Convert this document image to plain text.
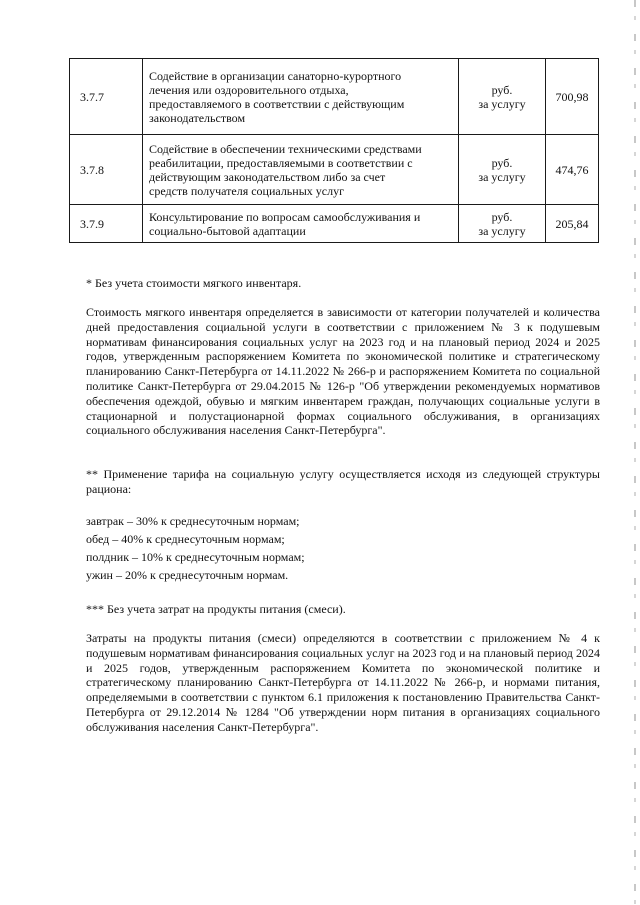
3.7.7	Содействие в организации санаторно-курортного
лечения или оздоровительного отдыха,
предоставляемого в соответствии с действующим
законодательством	руб.
за услугу	700,98
3.7.8	Содействие в обеспечении техническими средствами
реабилитации, предоставляемыми в соответствии с
действующим законодательством либо за счет
средств получателя социальных услуг	руб.
за услугу	474,76
3.7.9	Консультирование по вопросам самообслуживания и
социально-бытовой адаптации	руб.
за услугу	205,84

* Без учета стоимости мягкого инвентаря.

Стоимость мягкого инвентаря определяется в зависимости от категории получателей и количества дней предоставления социальной услуги в соответствии с приложением № 3 к подушевым нормативам финансирования социальных услуг на 2023 год и на плановый период 2024 и 2025 годов, утвержденным распоряжением Комитета по экономической политике и стратегическому планированию Санкт-Петербурга от 14.11.2022 № 266-р и распоряжением Комитета по социальной политике Санкт-Петербурга от 29.04.2015 № 126-р "Об утверждении рекомендуемых нормативов обеспечения одеждой, обувью и мягким инвентарем граждан, получающих социальные услуги в стационарной и полустационарной формах социального обслуживания, в организациях социального обслуживания населения Санкт-Петербурга".

** Применение тарифа на социальную услугу осуществляется исходя из следующей структуры рациона:

завтрак – 30% к среднесуточным нормам;

обед – 40% к среднесуточным нормам;

полдник – 10% к среднесуточным нормам;

ужин – 20% к среднесуточным нормам.

*** Без учета затрат на продукты питания (смеси).

Затраты на продукты питания (смеси) определяются в соответствии с приложением № 4 к подушевым нормативам финансирования социальных услуг на 2023 год и на плановый период 2024 и 2025 годов, утвержденным распоряжением Комитета по экономической политике и стратегическому планированию Санкт-Петербурга от 14.11.2022 № 266-р, и нормами питания, определяемыми в соответствии с пунктом 6.1 приложения к постановлению Правительства Санкт-Петербурга от 29.12.2014 № 1284 "Об утверждении норм питания в организациях социального обслуживания населения Санкт-Петербурга".
